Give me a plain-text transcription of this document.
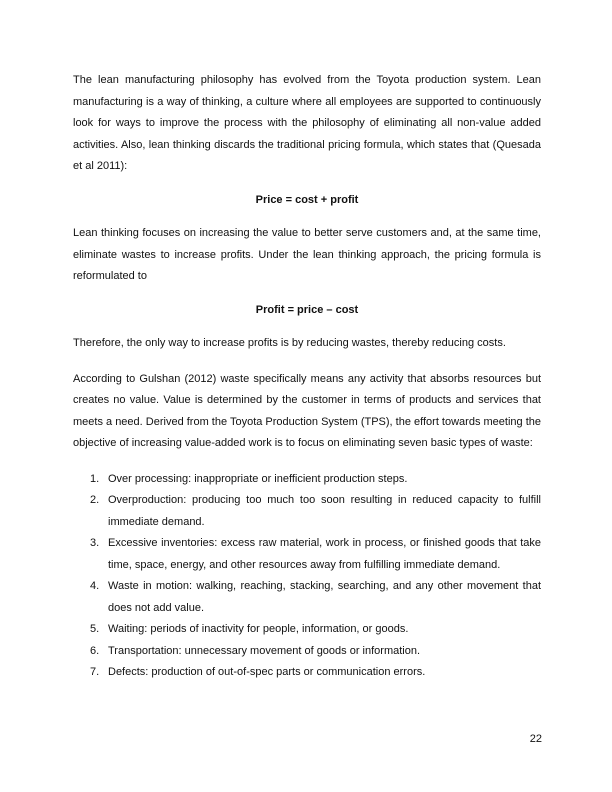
The lean manufacturing philosophy has evolved from the Toyota production system. Lean manufacturing is a way of thinking, a culture where all employees are supported to continuously look for ways to improve the process with the philosophy of eliminating all non-value added activities. Also, lean thinking discards the traditional pricing formula, which states that (Quesada et al 2011):

Price = cost + profit

Lean thinking focuses on increasing the value to better serve customers and, at the same time, eliminate wastes to increase profits. Under the lean thinking approach, the pricing formula is reformulated to

Profit = price – cost

Therefore, the only way to increase profits is by reducing wastes, thereby reducing costs.

According to Gulshan (2012) waste specifically means any activity that absorbs resources but creates no value. Value is determined by the customer in terms of products and services that meets a need. Derived from the Toyota Production System (TPS), the effort towards meeting the objective of increasing value-added work is to focus on eliminating seven basic types of waste:

1. Over processing: inappropriate or inefficient production steps.
2. Overproduction: producing too much too soon resulting in reduced capacity to fulfill immediate demand.
3. Excessive inventories: excess raw material, work in process, or finished goods that take time, space, energy, and other resources away from fulfilling immediate demand.
4. Waste in motion: walking, reaching, stacking, searching, and any other movement that does not add value.
5. Waiting: periods of inactivity for people, information, or goods.
6. Transportation: unnecessary movement of goods or information.
7. Defects: production of out-of-spec parts or communication errors.
22
